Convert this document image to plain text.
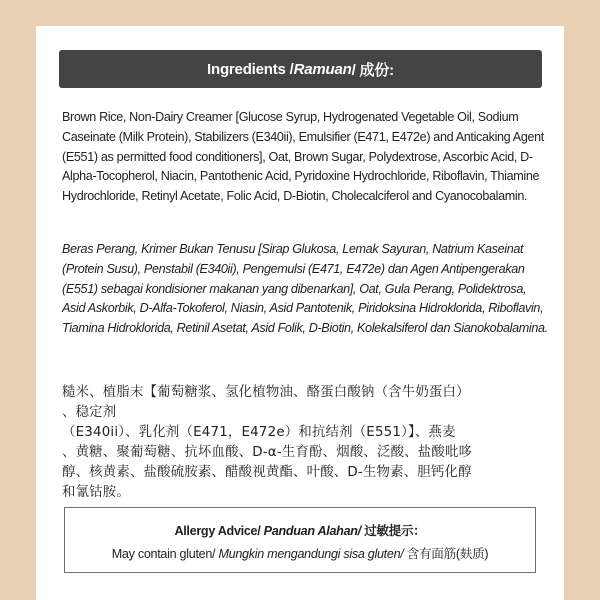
Ingredients / Ramuan / 成份:
Brown Rice, Non-Dairy Creamer [Glucose Syrup, Hydrogenated Vegetable Oil, Sodium Caseinate (Milk Protein), Stabilizers (E340ii), Emulsifier (E471, E472e) and Anticaking Agent (E551) as permitted food conditioners], Oat, Brown Sugar, Polydextrose, Ascorbic Acid, D-Alpha-Tocopherol, Niacin, Pantothenic Acid, Pyridoxine Hydrochloride, Riboflavin, Thiamine Hydrochloride, Retinyl Acetate, Folic Acid, D-Biotin, Cholecalciferol and Cyanocobalamin.
Beras Perang, Krimer Bukan Tenusu [Sirap Glukosa, Lemak Sayuran, Natrium Kaseinat (Protein Susu), Penstabil (E340ii), Pengemulsi (E471, E472e) dan Agen Antipengerakan (E551) sebagai kondisioner makanan yang dibenarkan], Oat, Gula Perang, Polidektrosa, Asid Askorbik, D-Alfa-Tokoferol, Niasin, Asid Pantotenik, Piridoksina Hidroklorida, Riboflavin, Tiamina Hidroklorida, Retinil Asetat, Asid Folik, D-Biotin, Kolekalsiferol dan Sianokobalamina.
糙米、植脂末【葡萄糖浆、氢化植物油、酪蛋白酸钠（含牛奶蛋白）
、稳定剂
（E340ii）、乳化剂（E471，E472e）和抗结剂（E551）】、燕麦
、黄糖、聚葡萄糖、抗坏血酸、D-α-生育酚、烟酸、泛酸、盐酸吡哆
醇、核黄素、盐酸硫胺素、醋酸视黄酯、叶酸、D-生物素、胆钙化醇
和氰钴胺。
Allergy Advice/ Panduan Alahan/ 过敏提示：
May contain gluten/ Mungkin mengandungi sisa gluten/ 含有面筋(麸质)
